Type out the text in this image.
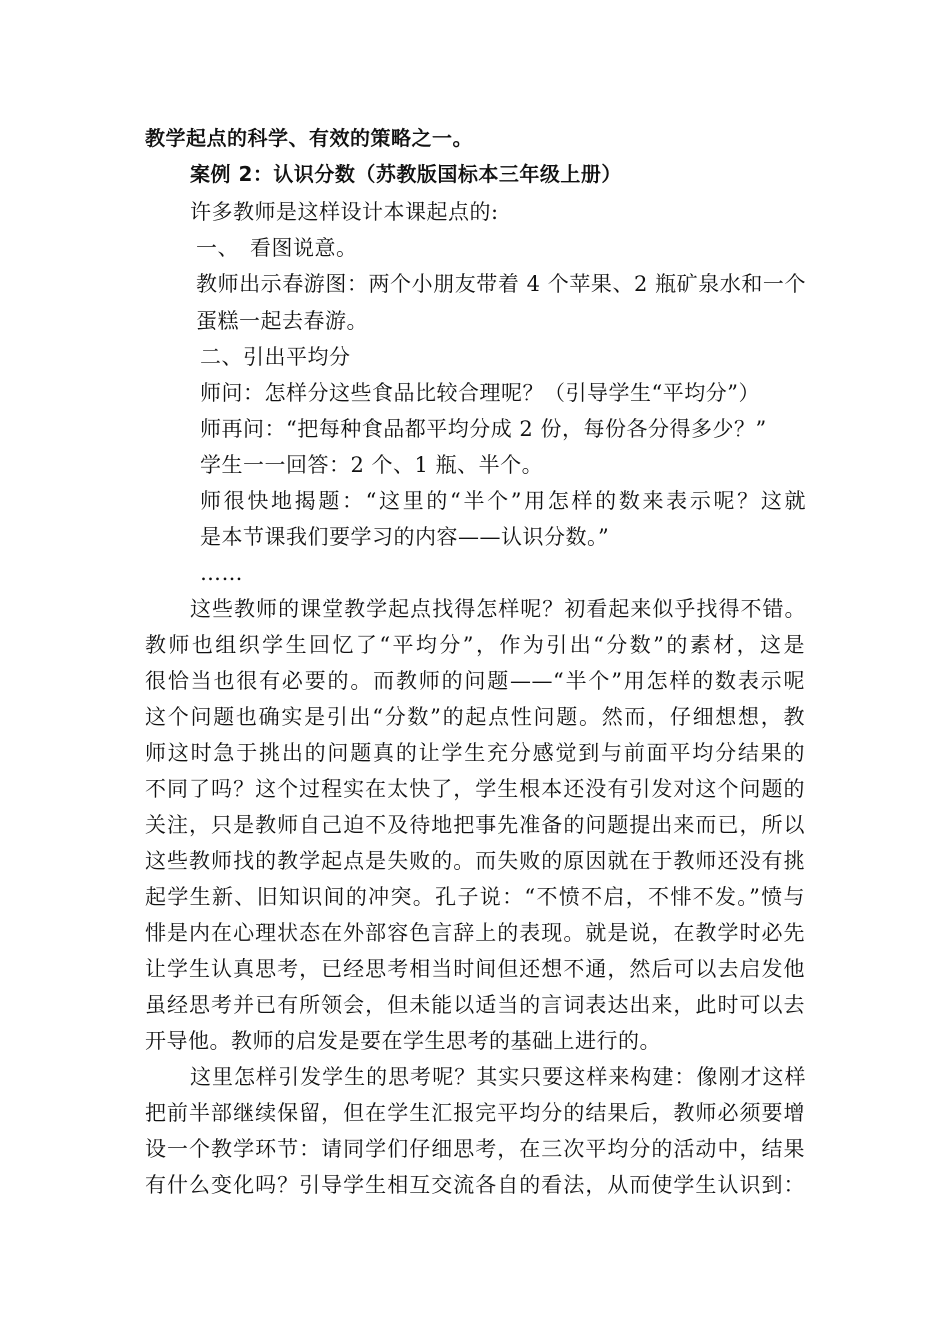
教学起点的科学、有效的策略之一。
案例 2：认识分数（苏教版国标本三年级上册）
许多教师是这样设计本课起点的:
一、　看图说意。
教师出示春游图：两个小朋友带着 4 个苹果、2 瓶矿泉水和一个
蛋糕一起去春游。
二、引出平均分
师问：怎样分这些食品比较合理呢？（引导学生“平均分”）
师再问：“把每种食品都平均分成 2 份，每份各分得多少？”
学生一一回答：2 个、1 瓶、半个。
师很快地揭题：“这里的“半个”用怎样的数来表示呢？这就
是本节课我们要学习的内容——认识分数。”
……
这些教师的课堂教学起点找得怎样呢？初看起来似乎找得不错。
教师也组织学生回忆了“平均分”，作为引出“分数”的素材，这是
很恰当也很有必要的。而教师的问题——“半个”用怎样的数表示呢
这个问题也确实是引出“分数”的起点性问题。然而，仔细想想，教
师这时急于挑出的问题真的让学生充分感觉到与前面平均分结果的
不同了吗？这个过程实在太快了，学生根本还没有引发对这个问题的
关注，只是教师自己迫不及待地把事先准备的问题提出来而已，所以
这些教师找的教学起点是失败的。而失败的原因就在于教师还没有挑
起学生新、旧知识间的冲突。孔子说：“不愤不启，不悱不发。”愤与
悱是内在心理状态在外部容色言辞上的表现。就是说，在教学时必先
让学生认真思考，已经思考相当时间但还想不通，然后可以去启发他
虽经思考并已有所领会，但未能以适当的言词表达出来，此时可以去
开导他。教师的启发是要在学生思考的基础上进行的。
这里怎样引发学生的思考呢？其实只要这样来构建：像刚才这样
把前半部继续保留，但在学生汇报完平均分的结果后，教师必须要增
设一个教学环节：请同学们仔细思考，在三次平均分的活动中，结果
有什么变化吗？引导学生相互交流各自的看法，从而使学生认识到：
